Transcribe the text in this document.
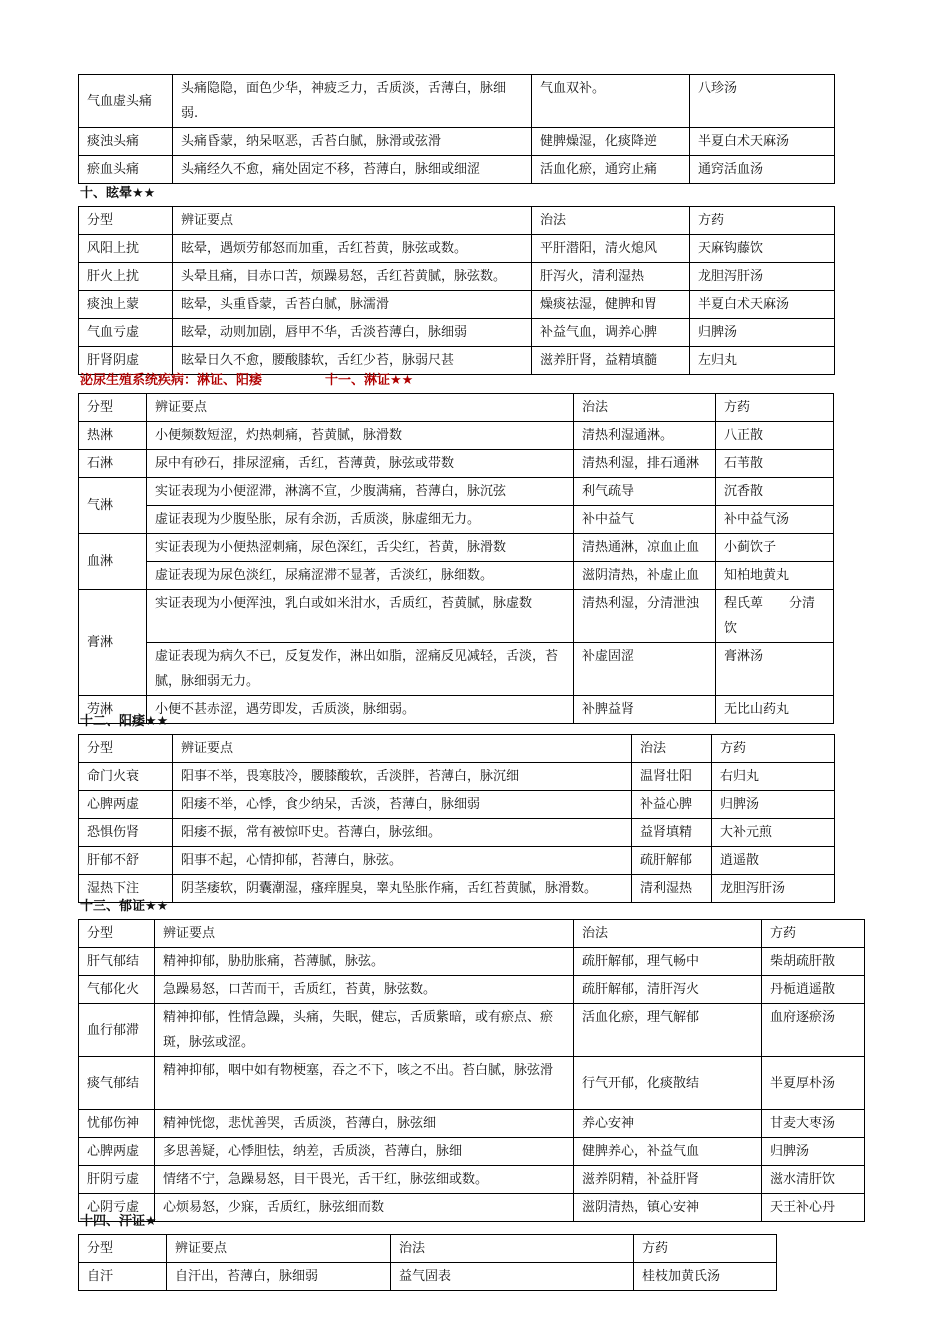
气血虚头痛	头痛隐隐，面色少华，神疲乏力，舌质淡，舌薄白，脉细弱.	气血双补。	八珍汤
痰浊头痛	头痛昏蒙，纳呆呕恶，舌苔白腻，脉滑或弦滑	健脾燥湿，化痰降逆	半夏白术天麻汤
瘀血头痛	头痛经久不愈，痛处固定不移，苔薄白，脉细或细涩	活血化瘀，通窍止痛	通窍活血汤
十、眩晕★★
分型	辨证要点	治法	方药
风阳上扰	眩晕，遇烦劳郁怒而加重，舌红苔黄，脉弦或数。	平肝潜阳，清火熄风	天麻钩藤饮
肝火上扰	头晕且痛，目赤口苦，烦躁易怒，舌红苔黄腻，脉弦数。	肝泻火，清利湿热	龙胆泻肝汤
痰浊上蒙	眩晕，头重昏蒙，舌苔白腻，脉濡滑	燥痰祛湿，健脾和胃	半夏白术天麻汤
气血亏虚	眩晕，动则加剧，唇甲不华，舌淡苔薄白，脉细弱	补益气血，调养心脾	归脾汤
肝肾阴虚	眩晕日久不愈，腰酸膝软，舌红少苔，脉弱尺甚	滋养肝肾，益精填髓	左归丸
泌尿生殖系统疾病：淋证、阳痿	十一、淋证★★
分型	辨证要点	治法	方药
热淋	小便频数短涩，灼热刺痛，苔黄腻，脉滑数	清热利湿通淋。	八正散
石淋	尿中有砂石，排尿涩痛，舌红，苔薄黄，脉弦或带数	清热利湿，排石通淋	石苇散
气淋	实证表现为小便涩滞，淋漓不宣，少腹满痛，苔薄白，脉沉弦	利气疏导	沉香散
	虚证表现为少腹坠胀，尿有余沥，舌质淡，脉虚细无力。	补中益气	补中益气汤
血淋	实证表现为小便热涩刺痛，尿色深红，舌尖红，苔黄，脉滑数	清热通淋，凉血止血	小蓟饮子
	虚证表现为尿色淡红，尿痛涩滞不显著，舌淡红，脉细数。	滋阴清热，补虚止血	知柏地黄丸
膏淋	实证表现为小便浑浊，乳白或如米泔水，舌质红，苔黄腻，脉虚数	清热利湿，分清泄浊	程氏萆　　分清饮
	虚证表现为病久不已，反复发作，淋出如脂，涩痛反见减轻，舌淡，苔腻，脉细弱无力。	补虚固涩	膏淋汤
劳淋	小便不甚赤涩，遇劳即发，舌质淡，脉细弱。	补脾益肾	无比山药丸
十二、阳痿★★
分型	辨证要点	治法	方药
命门火衰	阳事不举，畏寒肢冷，腰膝酸软，舌淡胖，苔薄白，脉沉细	温肾壮阳	右归丸
心脾两虚	阳痿不举，心悸，食少纳呆，舌淡，苔薄白，脉细弱	补益心脾	归脾汤
恐惧伤肾	阳痿不振，常有被惊吓史。苔薄白，脉弦细。	益肾填精	大补元煎
肝郁不舒	阳事不起，心情抑郁，苔薄白，脉弦。	疏肝解郁	逍遥散
湿热下注	阴茎痿软，阴囊潮湿，瘙痒腥臭，睾丸坠胀作痛，舌红苔黄腻，脉滑数。	清利湿热	龙胆泻肝汤
十三、郁证★★
分型	辨证要点	治法	方药
肝气郁结	精神抑郁，胁肋胀痛，苔薄腻，脉弦。	疏肝解郁，理气畅中	柴胡疏肝散
气郁化火	急躁易怒，口苦而干，舌质红，苔黄，脉弦数。	疏肝解郁，清肝泻火	丹栀逍遥散
血行郁滞	精神抑郁，性情急躁，头痛，失眠，健忘，舌质紫暗，或有瘀点、瘀斑，脉弦或涩。	活血化瘀，理气解郁	血府逐瘀汤
痰气郁结	精神抑郁，咽中如有物梗塞，吞之不下，咳之不出。苔白腻，脉弦滑	行气开郁，化痰散结	半夏厚朴汤
忧郁伤神	精神恍惚，悲忧善哭，舌质淡，苔薄白，脉弦细	养心安神	甘麦大枣汤
心脾两虚	多思善疑，心悸胆怯，纳差，舌质淡，苔薄白，脉细	健脾养心，补益气血	归脾汤
肝阴亏虚	情绪不宁，急躁易怒，目干畏光，舌干红，脉弦细或数。	滋养阴精，补益肝肾	滋水清肝饮
心阴亏虚	心烦易怒，少寐，舌质红，脉弦细而数	滋阴清热，镇心安神	天王补心丹
十四、汗证★
分型	辨证要点	治法	方药
自汗	自汗出，苔薄白，脉细弱	益气固表	桂枝加黄氏汤
